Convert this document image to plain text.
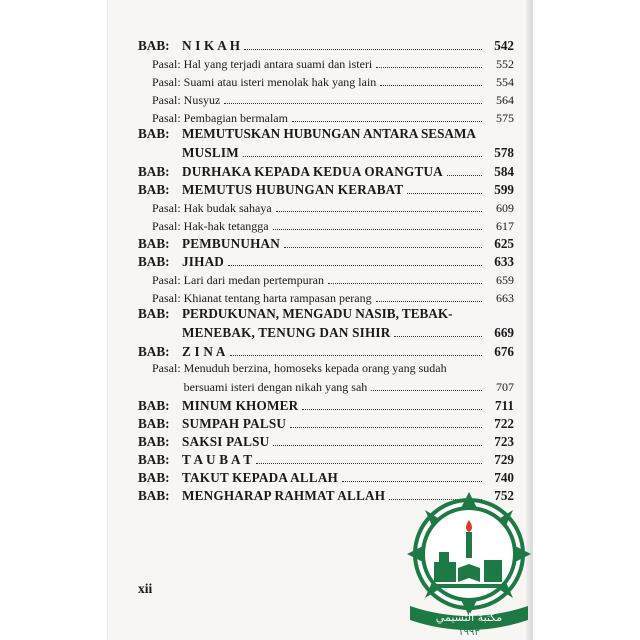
BAB: N I K A H	542
Pasal: Hal yang terjadi antara suami dan isteri	552
Pasal: Suami atau isteri menolak hak yang lain	554
Pasal: Nusyuz	564
Pasal: Pembagian bermalam	575
BAB: MEMUTUSKAN HUBUNGAN ANTARA SESAMA
MUSLIM	578
BAB: DURHAKA KEPADA KEDUA ORANGTUA	584
BAB: MEMUTUS HUBUNGAN KERABAT	599
Pasal: Hak budak sahaya	609
Pasal: Hak-hak tetangga	617
BAB: PEMBUNUHAN	625
BAB: JIHAD	633
Pasal: Lari dari medan pertempuran	659
Pasal: Khianat tentang harta rampasan perang	663
BAB: PERDUKUNAN, MENGADU NASIB, TEBAK-
MENEBAK, TENUNG DAN SIHIR	669
BAB: Z I N A	676
Pasal: Menuduh berzina, homoseks kepada orang yang sudah
bersuami isteri dengan nikah yang sah	707
BAB: MINUM KHOMER	711
BAB: SUMPAH PALSU	722
BAB: SAKSI PALSU	723
BAB: T A U B A T	729
BAB: TAKUT KEPADA ALLAH	740
BAB: MENGHARAP RAHMAT ALLAH	752
xii
مكتبة التسيمي
١٩٩٣
